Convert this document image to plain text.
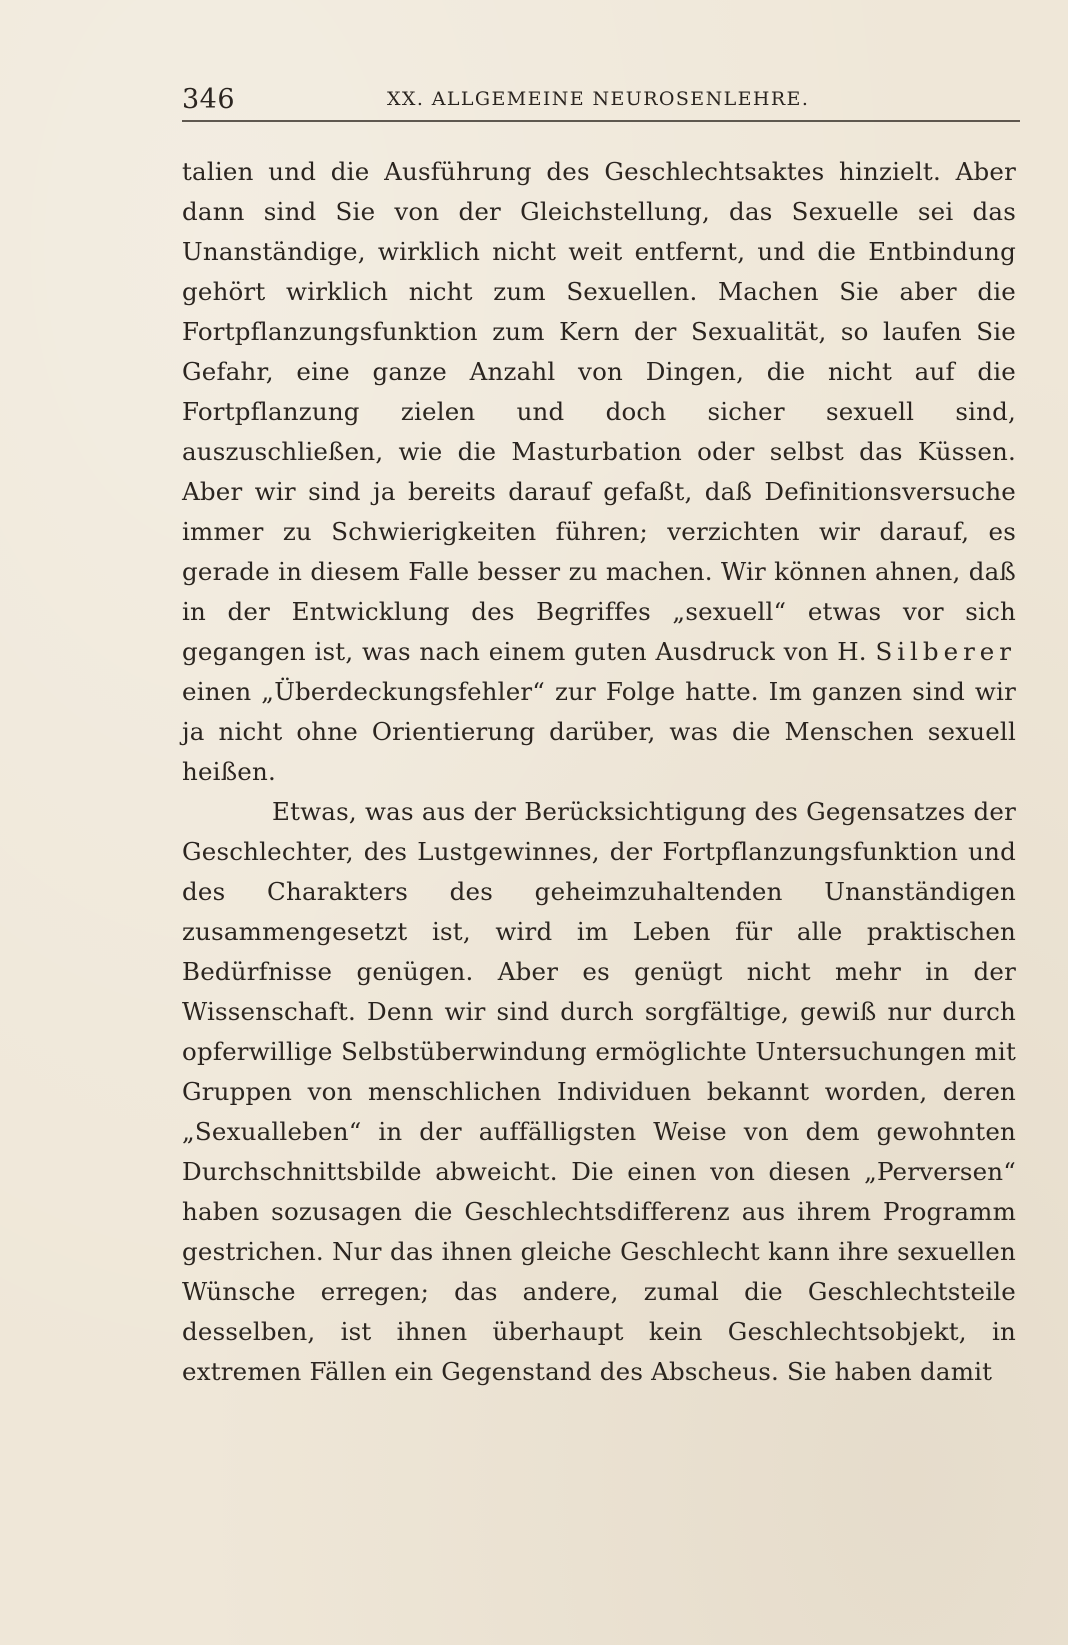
346	XX. ALLGEMEINE NEUROSENLEHRE.

talien und die Ausführung des Geschlechtsaktes hinzielt. Aber dann sind Sie von der Gleichstellung, das Sexuelle sei das Unanständige, wirklich nicht weit entfernt, und die Entbindung gehört wirklich nicht zum Sexuellen. Machen Sie aber die Fortpflanzungsfunktion zum Kern der Sexualität, so laufen Sie Gefahr, eine ganze Anzahl von Dingen, die nicht auf die Fortpflanzung zielen und doch sicher sexuell sind, auszuschließen, wie die Masturbation oder selbst das Küssen. Aber wir sind ja bereits darauf gefaßt, daß Definitionsversuche immer zu Schwierigkeiten führen; verzichten wir darauf, es gerade in diesem Falle besser zu machen. Wir können ahnen, daß in der Entwicklung des Begriffes „sexuell“ etwas vor sich gegangen ist, was nach einem guten Ausdruck von H. Silberer einen „Überdeckungsfehler“ zur Folge hatte. Im ganzen sind wir ja nicht ohne Orientierung darüber, was die Menschen sexuell heißen.

Etwas, was aus der Berücksichtigung des Gegensatzes der Geschlechter, des Lustgewinnes, der Fortpflanzungsfunktion und des Charakters des geheimzuhaltenden Unanständigen zusammengesetzt ist, wird im Leben für alle praktischen Bedürfnisse genügen. Aber es genügt nicht mehr in der Wissenschaft. Denn wir sind durch sorgfältige, gewiß nur durch opferwillige Selbstüberwindung ermöglichte Untersuchungen mit Gruppen von menschlichen Individuen bekannt worden, deren „Sexualleben“ in der auffälligsten Weise von dem gewohnten Durchschnittsbilde abweicht. Die einen von diesen „Perversen“ haben sozusagen die Geschlechtsdifferenz aus ihrem Programm gestrichen. Nur das ihnen gleiche Geschlecht kann ihre sexuellen Wünsche erregen; das andere, zumal die Geschlechtsteile desselben, ist ihnen überhaupt kein Geschlechtsobjekt, in extremen Fällen ein Gegenstand des Abscheus. Sie haben damit
